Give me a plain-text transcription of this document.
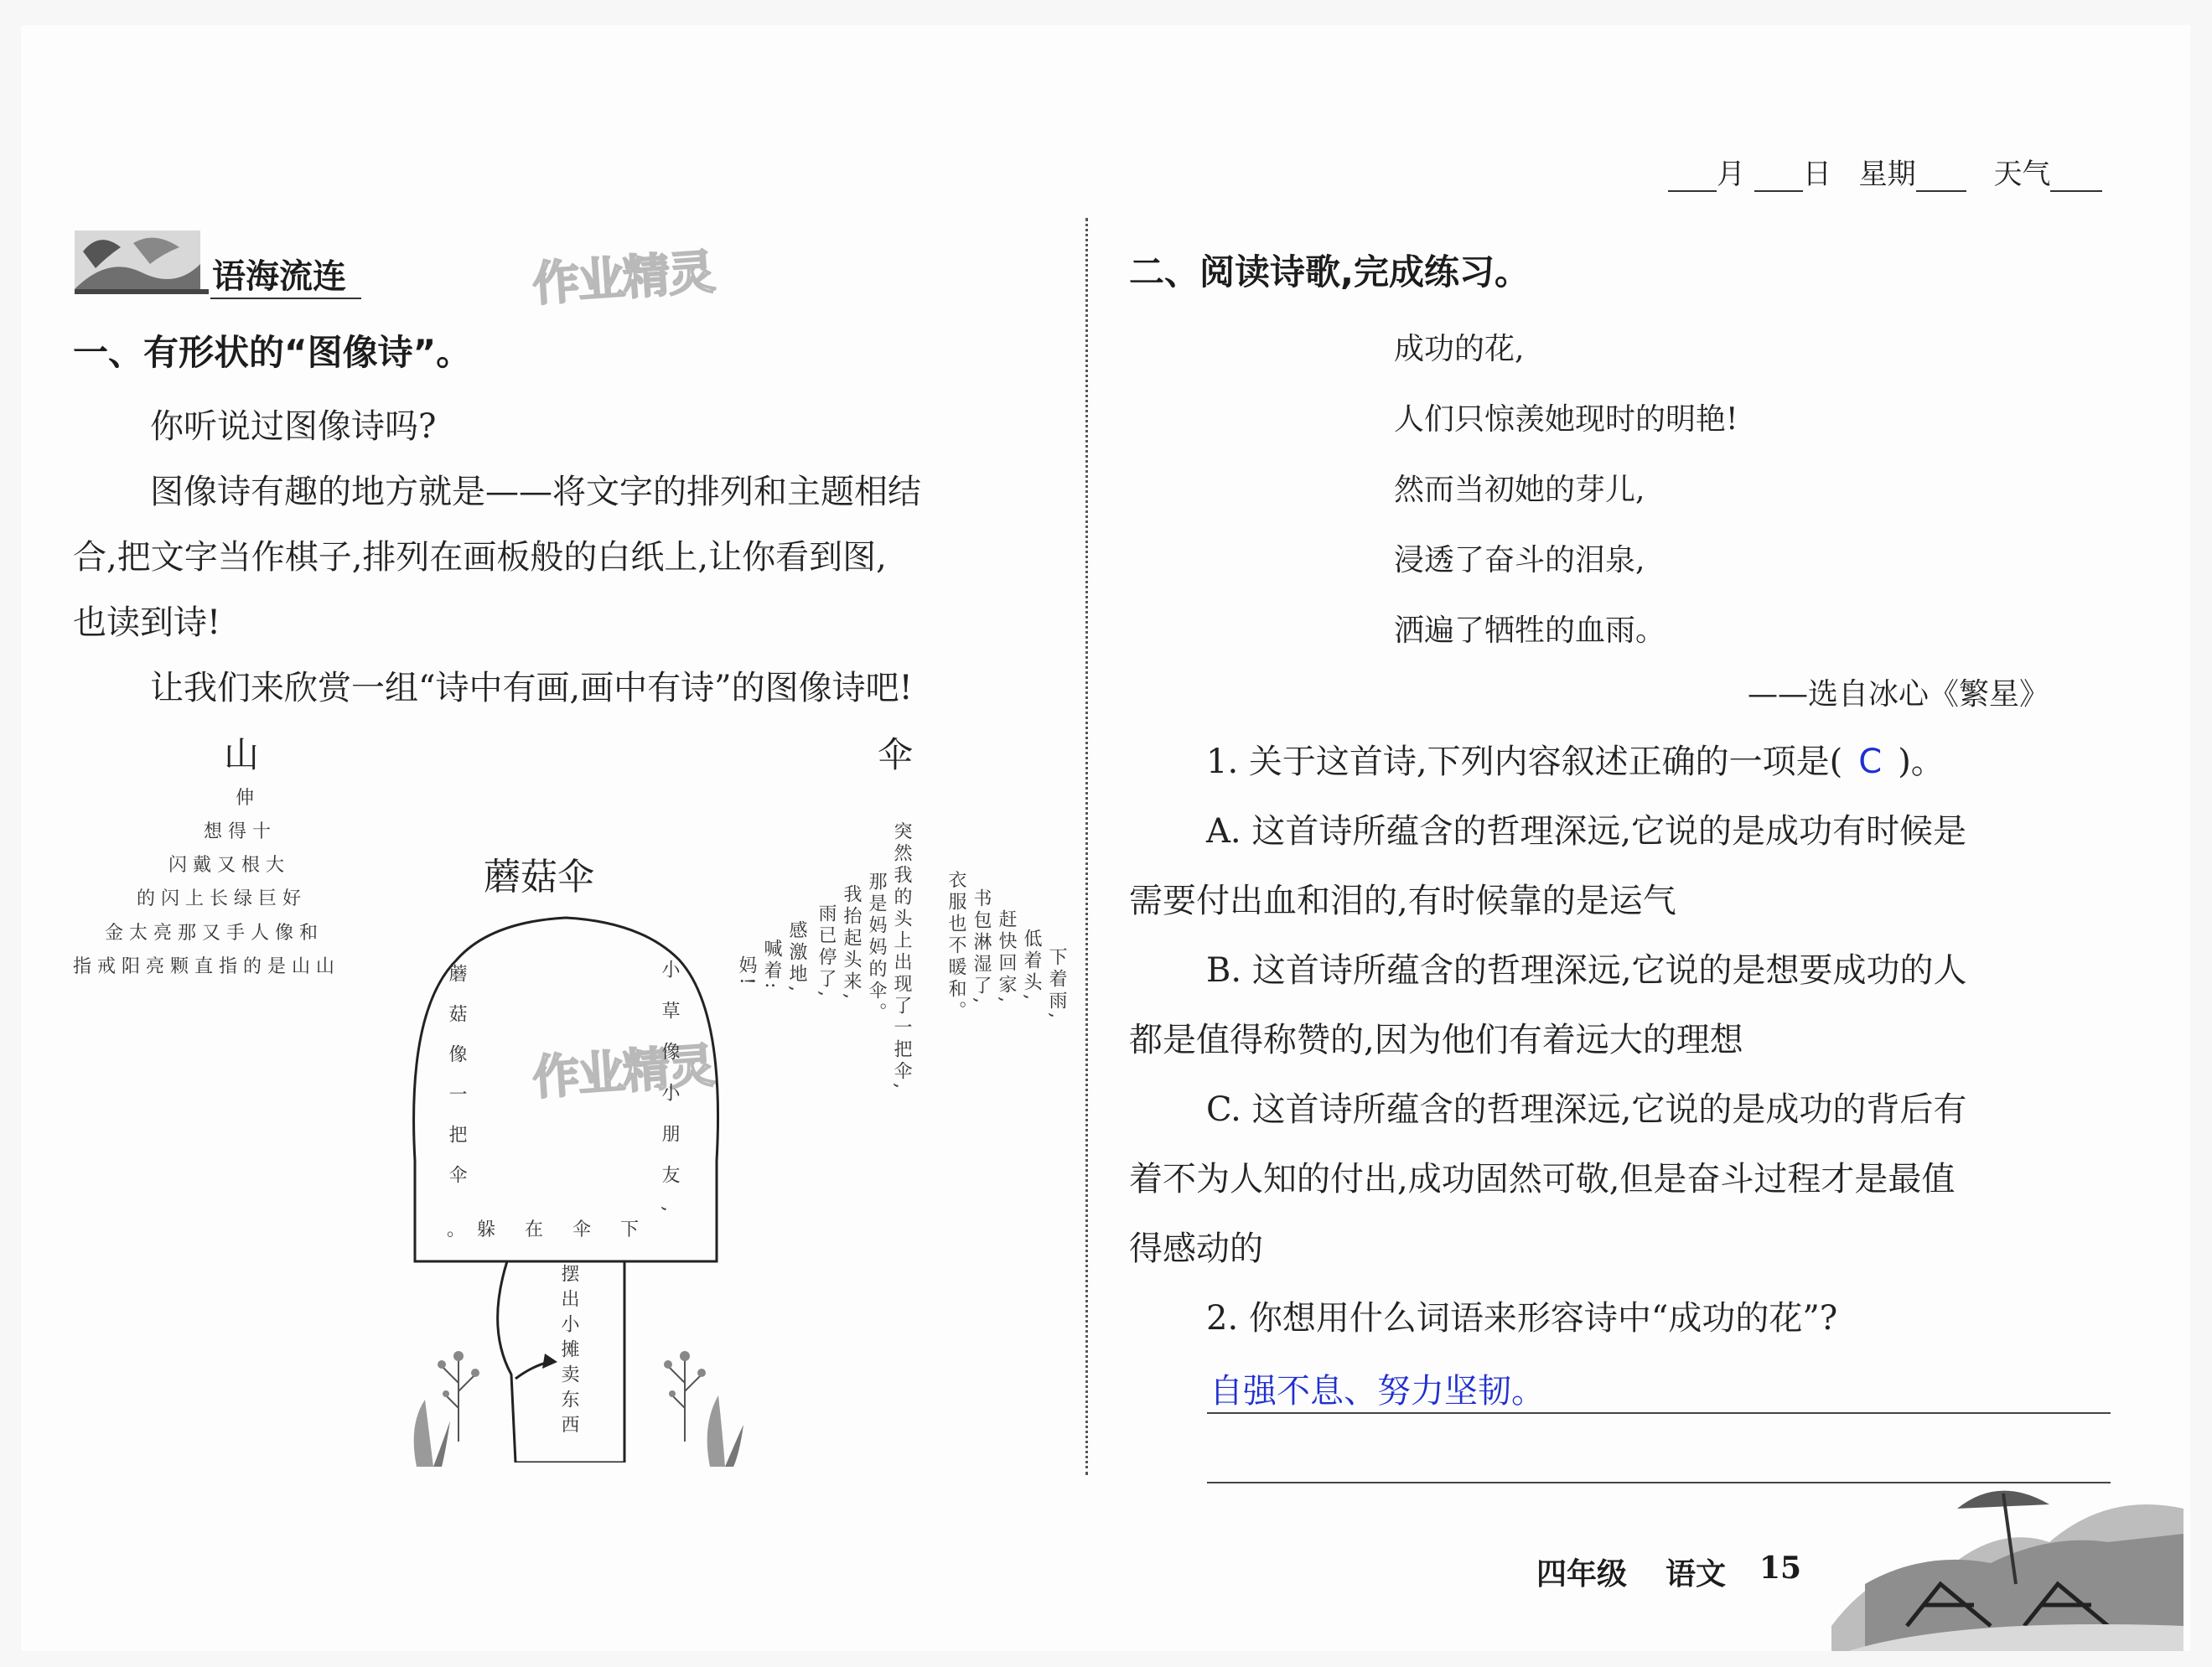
月 日 星期	天气
语海流连	作业精灵
作业精灵
一、有形状的“图像诗”。
你听说过图像诗吗?
图像诗有趣的地方就是——将文字的排列和主题相结
合,把文字当作棋子,排列在画板般的白纸上,让你看到图,
也读到诗!
让我们来欣赏一组“诗中有画,画中有诗”的图像诗吧!
山
伸
想 得 十
闪 戴 又 根 大
的 闪 上 长 绿 巨 好
金 太 亮 那 又 手 人 像 和
指 戒 阳 亮 颗 直 指 的 是 山 山
蘑菇伞
蘑菇像一把伞	小草像小朋友,
。躲 在 伞 下
摆出小摊卖东西
伞
下着雨,
低着头,
赶快回家,
书包淋湿了,
衣服也不暖和。
突然我的头上出现了一把伞,
那是妈妈的伞。
我抬起头来,
雨已停了,
感激地,
喊着:
妈!
二、阅读诗歌,完成练习。
成功的花,
人们只惊羡她现时的明艳!
然而当初她的芽儿,
浸透了奋斗的泪泉,
洒遍了牺牲的血雨。
——选自冰心《繁星》
1. 关于这首诗,下列内容叙述正确的一项是( C )。
A. 这首诗所蕴含的哲理深远,它说的是成功有时候是
需要付出血和泪的,有时候靠的是运气
B. 这首诗所蕴含的哲理深远,它说的是想要成功的人
都是值得称赞的,因为他们有着远大的理想
C. 这首诗所蕴含的哲理深远,它说的是成功的背后有
着不为人知的付出,成功固然可敬,但是奋斗过程才是最值
得感动的
2. 你想用什么词语来形容诗中“成功的花”?
自强不息、努力坚韧。
四年级 语文 15
